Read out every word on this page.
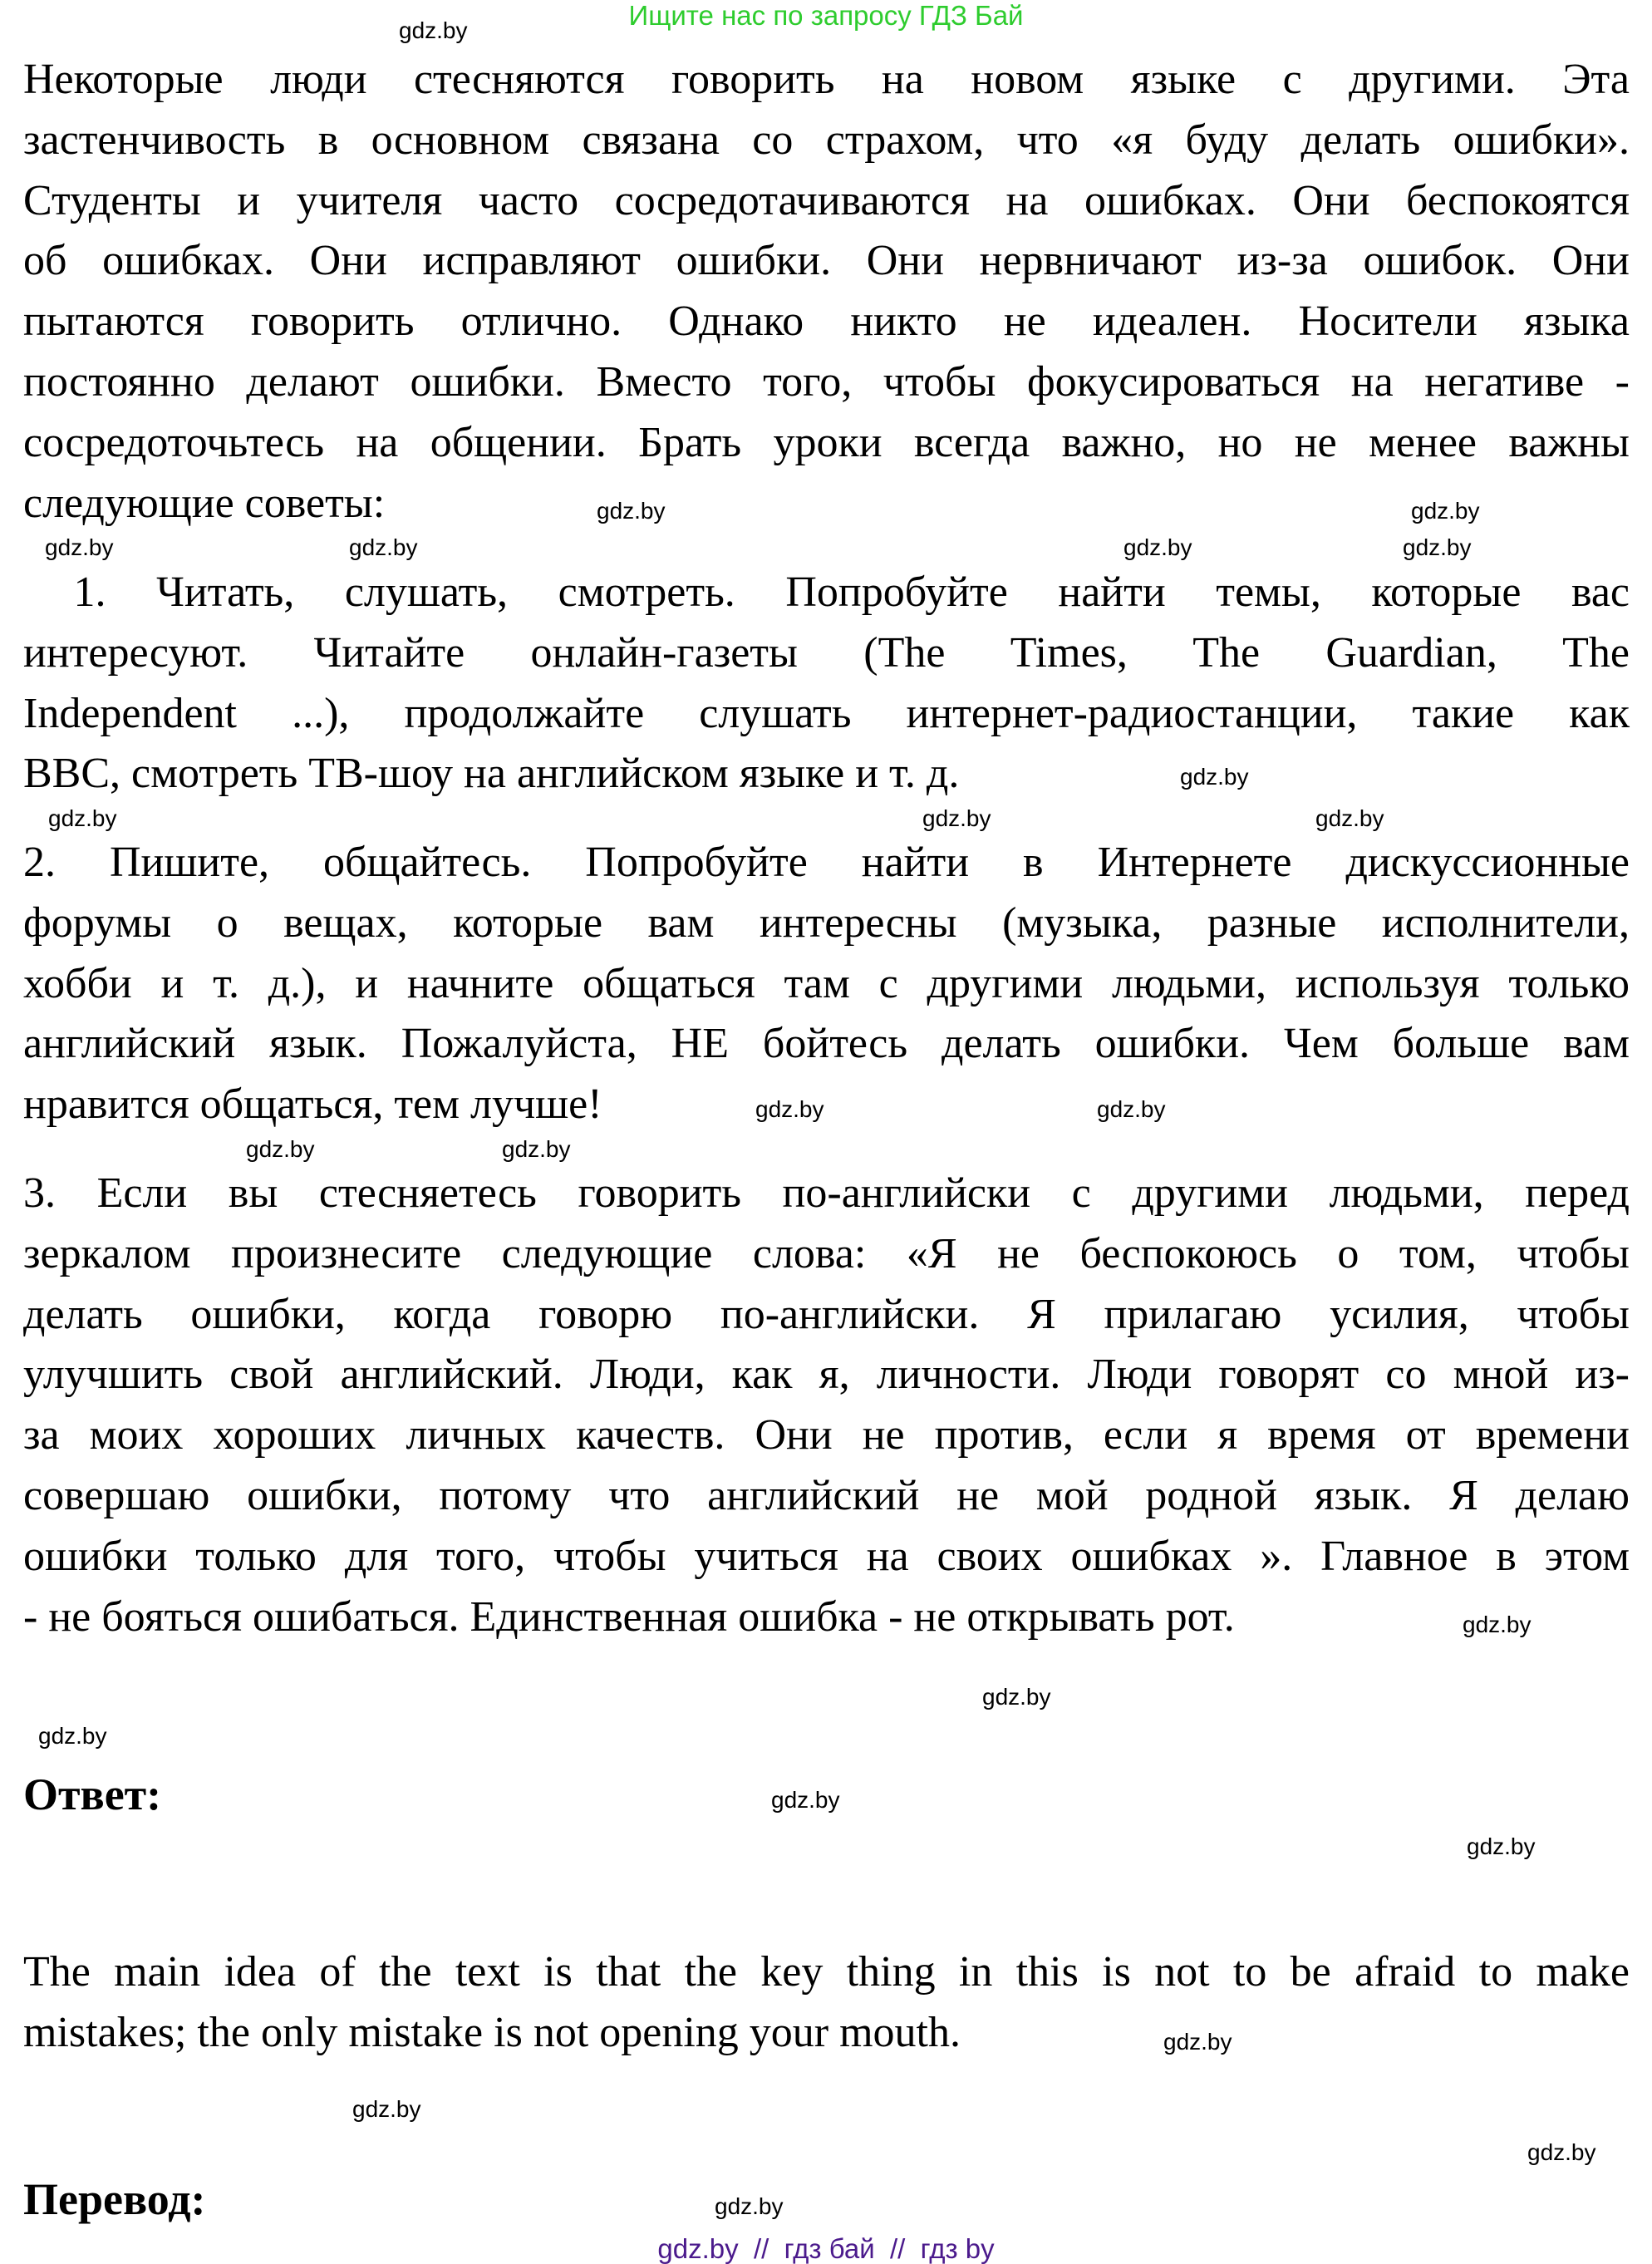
Ищите нас по запросу ГДЗ Бай
Некоторые люди стесняются говорить на новом языке с другими. Эта
застенчивость в основном связана со страхом, что «я буду делать ошибки».
Студенты и учителя часто сосредотачиваются на ошибках. Они беспокоятся
об ошибках. Они исправляют ошибки. Они нервничают из-за ошибок. Они
пытаются говорить отлично. Однако никто не идеален. Носители языка
постоянно делают ошибки. Вместо того, чтобы фокусироваться на негативе -
сосредоточьтесь на общении. Брать уроки всегда важно, но не менее важны
следующие советы:
1. Читать, слушать, смотреть. Попробуйте найти темы, которые вас
интересуют. Читайте онлайн-газеты (The Times, The Guardian, The
Independent ...), продолжайте слушать интернет-радиостанции, такие как
BBC, смотреть ТВ-шоу на английском языке и т. д.
2. Пишите, общайтесь. Попробуйте найти в Интернете дискуссионные
форумы о вещах, которые вам интересны (музыка, разные исполнители,
хобби и т. д.), и начните общаться там с другими людьми, используя только
английский язык. Пожалуйста, НЕ бойтесь делать ошибки. Чем больше вам
нравится общаться, тем лучше!
3. Если вы стесняетесь говорить по-английски с другими людьми, перед
зеркалом произнесите следующие слова: «Я не беспокоюсь о том, чтобы
делать ошибки, когда говорю по-английски. Я прилагаю усилия, чтобы
улучшить свой английский. Люди, как я, личности. Люди говорят со мной из-
за моих хороших личных качеств. Они не против, если я время от времени
совершаю ошибки, потому что английский не мой родной язык. Я делаю
ошибки только для того, чтобы учиться на своих ошибках ». Главное в этом
- не бояться ошибаться. Единственная ошибка - не открывать рот.
Ответ:
The main idea of the text is that the key thing in this is not to be afraid to make
mistakes; the only mistake is not opening your mouth.
Перевод:
gdz.by
gdz.by	gdz.by
gdz.by
gdz.by
gdz.by
gdz.by
gdz.by
gdz.by
gdz.by	gdz.by
gdz.by
gdz.by	gdz.by
gdz.by
gdz.by
gdz.by
gdz.by
gdz.by
gdz.by
gdz.by
gdz.by
gdz.by
gdz.by
gdz.by  //  гдз бай  //  гдз by
